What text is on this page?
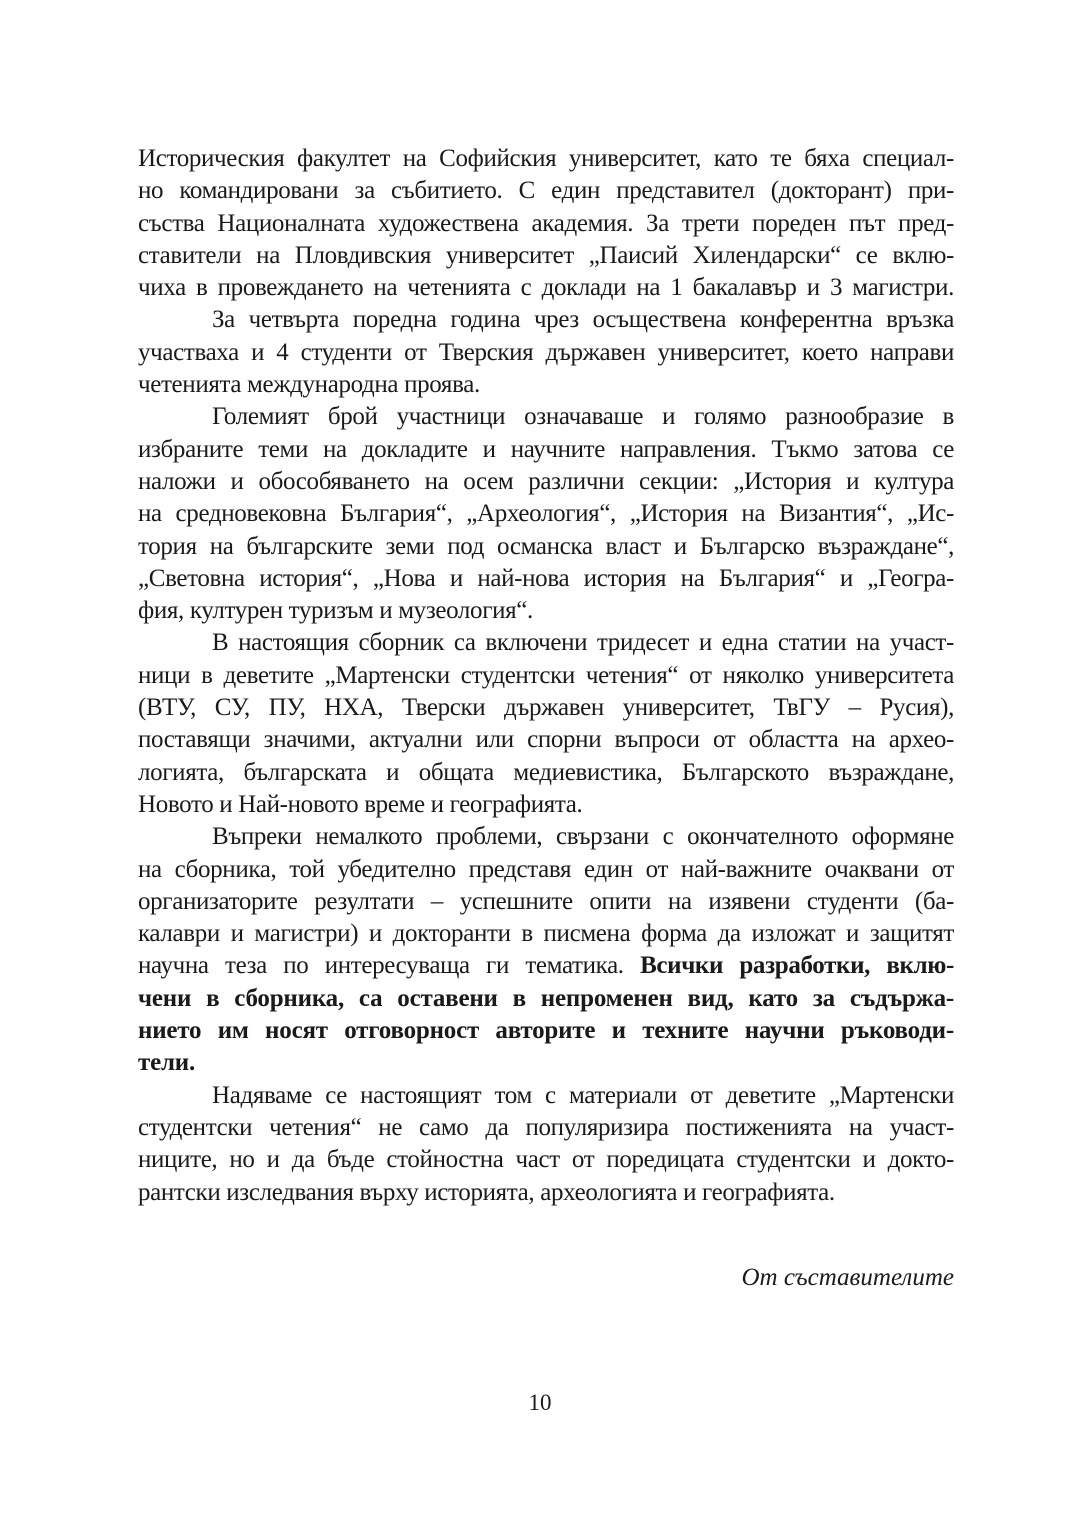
Историческия факултет на Софийския университет, като те бяха специал-
но командировани за събитието. С един представител (докторант) при-
съства Националната художествена академия. За трети пореден път пред-
ставители на Пловдивския университет „Паисий Хилендарски“ се вклю-
чиха в провеждането на четенията с доклади на 1 бакалавър и 3 магистри.
За четвърта поредна година чрез осъществена конферентна връзка
участваха и 4 студенти от Тверския държавен университет, което направи
четенията международна проява.
Големият брой участници означаваше и голямо разнообразие в
избраните теми на докладите и научните направления. Тъкмо затова се
наложи и обособяването на осем различни секции: „История и култура
на средновековна България“, „Археология“, „История на Византия“, „Ис-
тория на българските земи под османска власт и Българско възраждане“,
„Световна история“, „Нова и най-нова история на България“ и „Геогра-
фия, културен туризъм и музеология“.
В настоящия сборник са включени тридесет и една статии на участ-
ници в деветите „Мартенски студентски четения“ от няколко университета
(ВТУ, СУ, ПУ, НХА, Тверски държавен университет, ТвГУ – Русия),
поставящи значими, актуални или спорни въпроси от областта на архео-
логията, българската и общата медиевистика, Българското възраждане,
Новото и Най-новото време и географията.
Въпреки немалкото проблеми, свързани с окончателното оформяне
на сборника, той убедително представя един от най-важните очаквани от
организаторите резултати – успешните опити на изявени студенти (ба-
калаври и магистри) и докторанти в писмена форма да изложат и защитят
научна теза по интересуваща ги тематика. Всички разработки, вклю-
чени в сборника, са оставени в непроменен вид, като за съдържа-
нието им носят отговорност авторите и техните научни ръководи-
тели.
Надяваме се настоящият том с материали от деветите „Мартенски
студентски четения“ не само да популяризира постиженията на участ-
ниците, но и да бъде стойностна част от поредицата студентски и докто-
рантски изследвания върху историята, археологията и географията.
От съставителите
10
